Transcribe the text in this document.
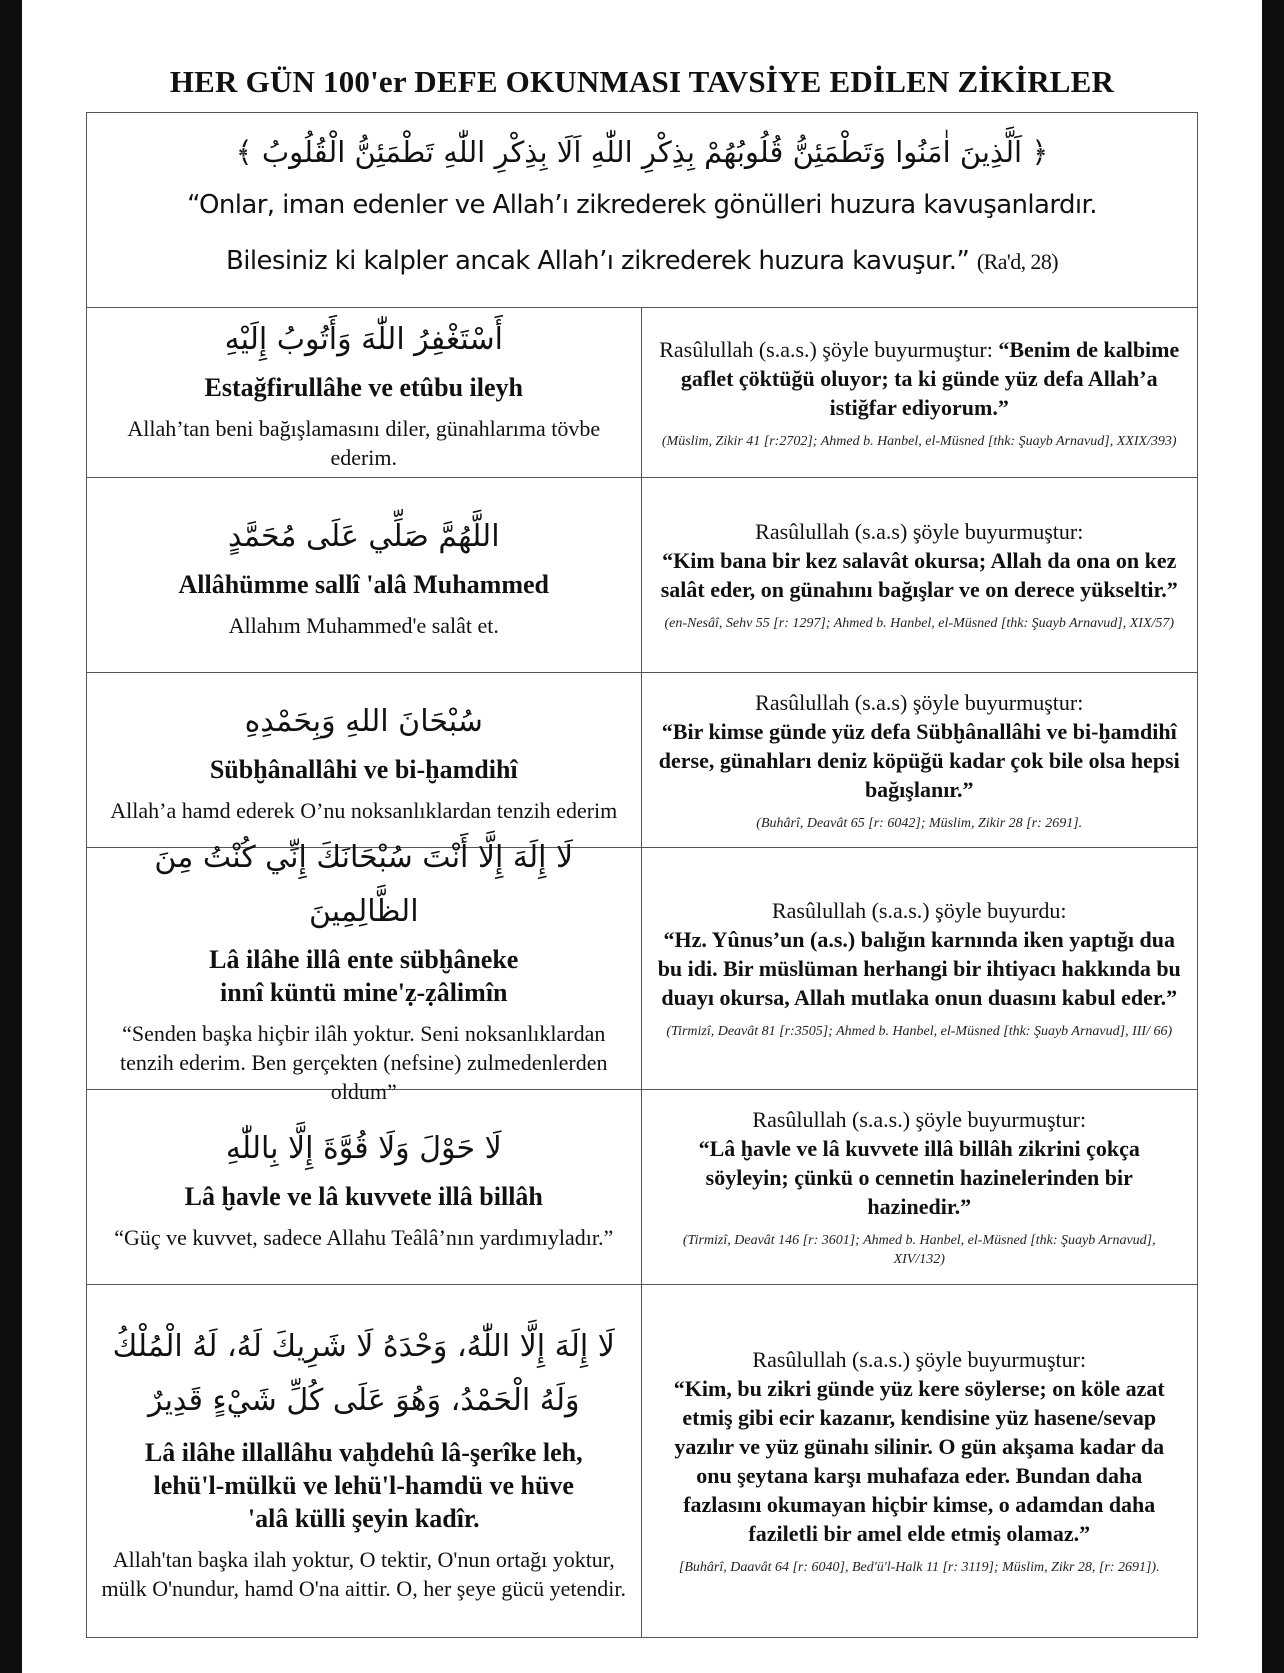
HER GÜN 100'er DEFE OKUNMASI TAVSİYE EDİLEN ZİKİRLER
﴿ اَلَّذِينَ اٰمَنُوا وَتَطْمَئِنُّ قُلُوبُهُمْ بِذِكْرِ اللّٰهِ اَلَا بِذِكْرِ اللّٰهِ تَطْمَئِنُّ الْقُلُوبُ ﴾
“Onlar, iman edenler ve Allah’ı zikrederek gönülleri huzura kavuşanlardır.
Bilesiniz ki kalpler ancak Allah’ı zikrederek huzura kavuşur.” (Ra'd, 28)
أَسْتَغْفِرُ اللّٰهَ وَأَتُوبُ إِلَيْهِ
Estağfirullâhe ve etûbu ileyh
Allah’tan beni bağışlamasını diler, günahlarıma tövbe ederim.
Rasûlullah (s.a.s.) şöyle buyurmuştur: “Benim de kalbime gaflet çöktüğü oluyor; ta ki günde yüz defa Allah’a istiğfar ediyorum.”
(Müslim, Zikir 41 [r:2702]; Ahmed b. Hanbel, el-Müsned [thk: Şuayb Arnavud], XXIX/393)
اللَّهُمَّ صَلِّي عَلَى مُحَمَّدٍ
Allâhümme sallî 'alâ Muhammed
Allahım Muhammed'e salât et.
Rasûlullah (s.a.s) şöyle buyurmuştur:
“Kim bana bir kez salavât okursa; Allah da ona on kez salât eder, on günahını bağışlar ve on derece yükseltir.”
(en-Nesâî, Sehv 55 [r: 1297]; Ahmed b. Hanbel, el-Müsned [thk: Şuayb Arnavud], XIX/57)
سُبْحَانَ اللهِ وَبِحَمْدِهِ
Sübḫânallâhi ve bi-ḫamdihî
Allah’a hamd ederek O’nu noksanlıklardan tenzih ederim
Rasûlullah (s.a.s) şöyle buyurmuştur:
“Bir kimse günde yüz defa Sübḫânallâhi ve bi-ḫamdihî derse, günahları deniz köpüğü kadar çok bile olsa hepsi bağışlanır.”
(Buhârî, Deavât 65 [r: 6042]; Müslim, Zikir 28 [r: 2691].
لَا إِلَهَ إِلَّا أَنْتَ سُبْحَانَكَ إِنِّي كُنْتُ مِنَ الظَّالِمِينَ
Lâ ilâhe illâ ente sübḫâneke
innî küntü mine'ẓ-ẓâlimîn
“Senden başka hiçbir ilâh yoktur. Seni noksanlıklardan tenzih ederim. Ben gerçekten (nefsine) zulmedenlerden oldum”
Rasûlullah (s.a.s.) şöyle buyurdu:
“Hz. Yûnus’un (a.s.) balığın karnında iken yaptığı dua bu idi. Bir müslüman herhangi bir ihtiyacı hakkında bu duayı okursa, Allah mutlaka onun duasını kabul eder.”
(Tirmizî, Deavât 81 [r:3505]; Ahmed b. Hanbel, el-Müsned [thk: Şuayb Arnavud], III/ 66)
لَا حَوْلَ وَلَا قُوَّةَ إِلَّا بِاللّٰهِ
Lâ ḫavle ve lâ kuvvete illâ billâh
“Güç ve kuvvet, sadece Allahu Teâlâ’nın yardımıyladır.”
Rasûlullah (s.a.s.) şöyle buyurmuştur:
“Lâ ḫavle ve lâ kuvvete illâ billâh zikrini çokça söyleyin; çünkü o cennetin hazinelerinden bir hazinedir.”
(Tirmizî, Deavât 146 [r: 3601]; Ahmed b. Hanbel, el-Müsned [thk: Şuayb Arnavud], XIV/132)
لَا إِلَهَ إِلَّا اللّٰهُ، وَحْدَهُ لَا شَرِيكَ لَهُ، لَهُ الْمُلْكُ
وَلَهُ الْحَمْدُ، وَهُوَ عَلَى كُلِّ شَيْءٍ قَدِيرٌ
Lâ ilâhe illallâhu vaḫdehû lâ-şerîke leh,
lehü'l-mülkü ve lehü'l-hamdü ve hüve
'alâ külli şeyin kadîr.
Allah'tan başka ilah yoktur, O tektir, O'nun ortağı yoktur, mülk O'nundur, hamd O'na aittir. O, her şeye gücü yetendir.
Rasûlullah (s.a.s.) şöyle buyurmuştur:
“Kim, bu zikri günde yüz kere söylerse; on köle azat etmiş gibi ecir kazanır, kendisine yüz hasene/sevap yazılır ve yüz günahı silinir. O gün akşama kadar da onu şeytana karşı muhafaza eder. Bundan daha fazlasını okumayan hiçbir kimse, o adamdan daha faziletli bir amel elde etmiş olamaz.”
[Buhârî, Daavât 64 [r: 6040], Bed'ü'l-Halk 11 [r: 3119]; Müslim, Zikr 28, [r: 2691]).
